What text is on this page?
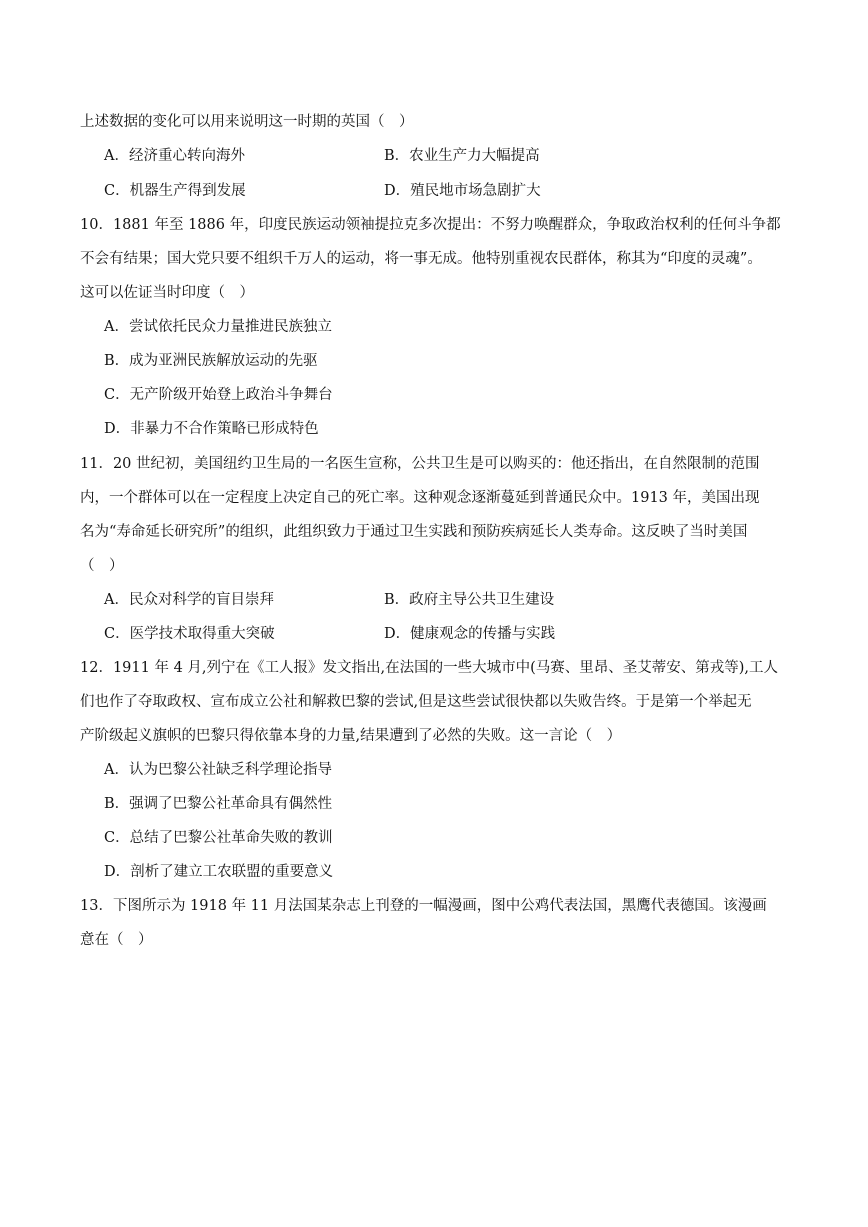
上述数据的变化可以用来说明这一时期的英国（　）
A．经济重心转向海外	B．农业生产力大幅提高
C．机器生产得到发展	D．殖民地市场急剧扩大
10．1881 年至 1886 年，印度民族运动领袖提拉克多次提出：不努力唤醒群众，争取政治权利的任何斗争都
不会有结果；国大党只要不组织千万人的运动，将一事无成。他特别重视农民群体，称其为“印度的灵魂”。
这可以佐证当时印度（　）
A．尝试依托民众力量推进民族独立
B．成为亚洲民族解放运动的先驱
C．无产阶级开始登上政治斗争舞台
D．非暴力不合作策略已形成特色
11．20 世纪初，美国纽约卫生局的一名医生宣称，公共卫生是可以购买的：他还指出，在自然限制的范围
内，一个群体可以在一定程度上决定自己的死亡率。这种观念逐渐蔓延到普通民众中。1913 年，美国出现
名为“寿命延长研究所”的组织，此组织致力于通过卫生实践和预防疾病延长人类寿命。这反映了当时美国
（　）
A．民众对科学的盲目崇拜	B．政府主导公共卫生建设
C．医学技术取得重大突破	D．健康观念的传播与实践
12．1911 年 4 月,列宁在《工人报》发文指出,在法国的一些大城市中(马赛、里昂、圣艾蒂安、第戎等),工人
们也作了夺取政权、宣布成立公社和解救巴黎的尝试,但是这些尝试很快都以失败告终。于是第一个举起无
产阶级起义旗帜的巴黎只得依靠本身的力量,结果遭到了必然的失败。这一言论（　）
A．认为巴黎公社缺乏科学理论指导
B．强调了巴黎公社革命具有偶然性
C．总结了巴黎公社革命失败的教训
D．剖析了建立工农联盟的重要意义
13．下图所示为 1918 年 11 月法国某杂志上刊登的一幅漫画，图中公鸡代表法国，黑鹰代表德国。该漫画
意在（　）
